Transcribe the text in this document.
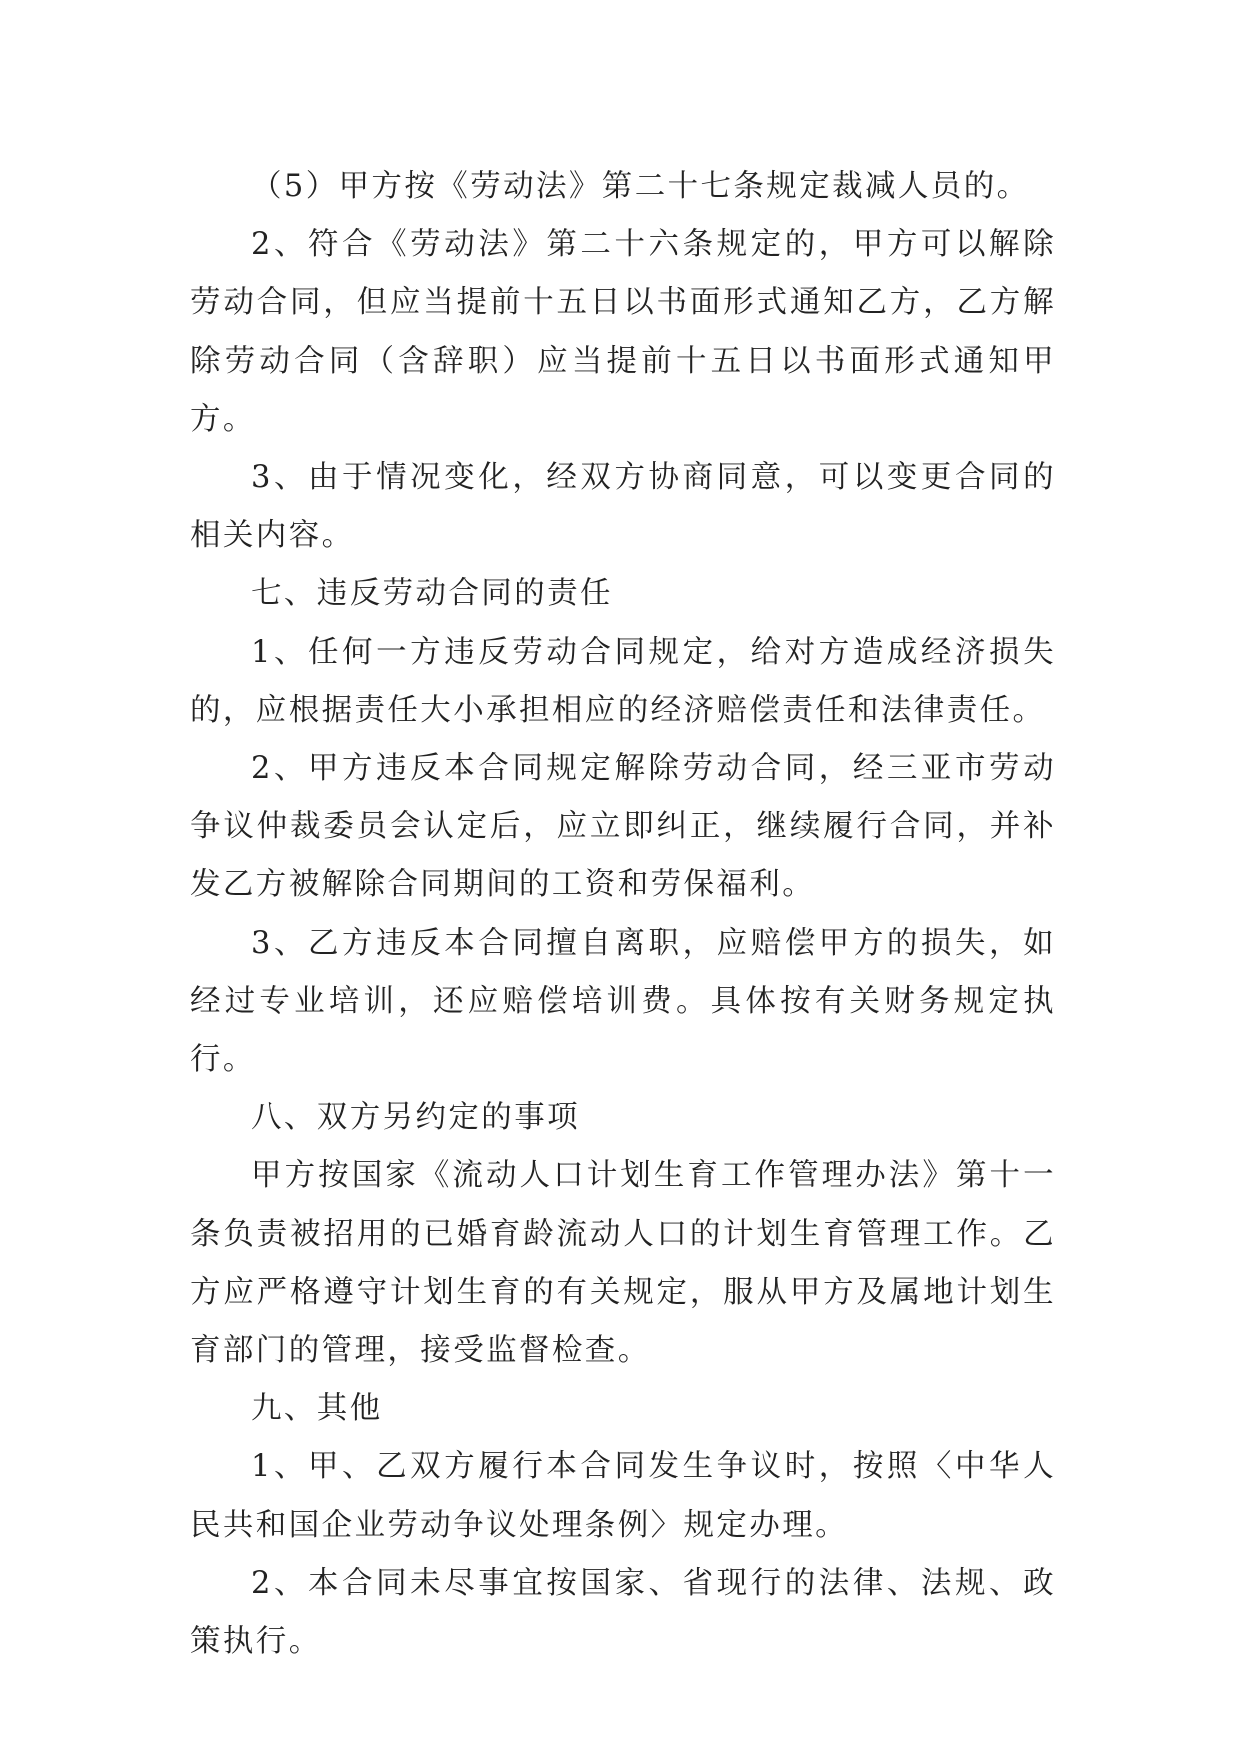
（5）甲方按《劳动法》第二十七条规定裁减人员的。

2、符合《劳动法》第二十六条规定的，甲方可以解除劳动合同，但应当提前十五日以书面形式通知乙方，乙方解除劳动合同（含辞职）应当提前十五日以书面形式通知甲方。

3、由于情况变化，经双方协商同意，可以变更合同的相关内容。

七、违反劳动合同的责任

1、任何一方违反劳动合同规定，给对方造成经济损失的，应根据责任大小承担相应的经济赔偿责任和法律责任。

2、甲方违反本合同规定解除劳动合同，经三亚市劳动争议仲裁委员会认定后，应立即纠正，继续履行合同，并补发乙方被解除合同期间的工资和劳保福利。

3、乙方违反本合同擅自离职，应赔偿甲方的损失，如经过专业培训，还应赔偿培训费。具体按有关财务规定执行。

八、双方另约定的事项

甲方按国家《流动人口计划生育工作管理办法》第十一条负责被招用的已婚育龄流动人口的计划生育管理工作。乙方应严格遵守计划生育的有关规定，服从甲方及属地计划生育部门的管理，接受监督检查。

九、其他

1、甲、乙双方履行本合同发生争议时，按照〈中华人民共和国企业劳动争议处理条例〉规定办理。

2、本合同未尽事宜按国家、省现行的法律、法规、政策执行。
